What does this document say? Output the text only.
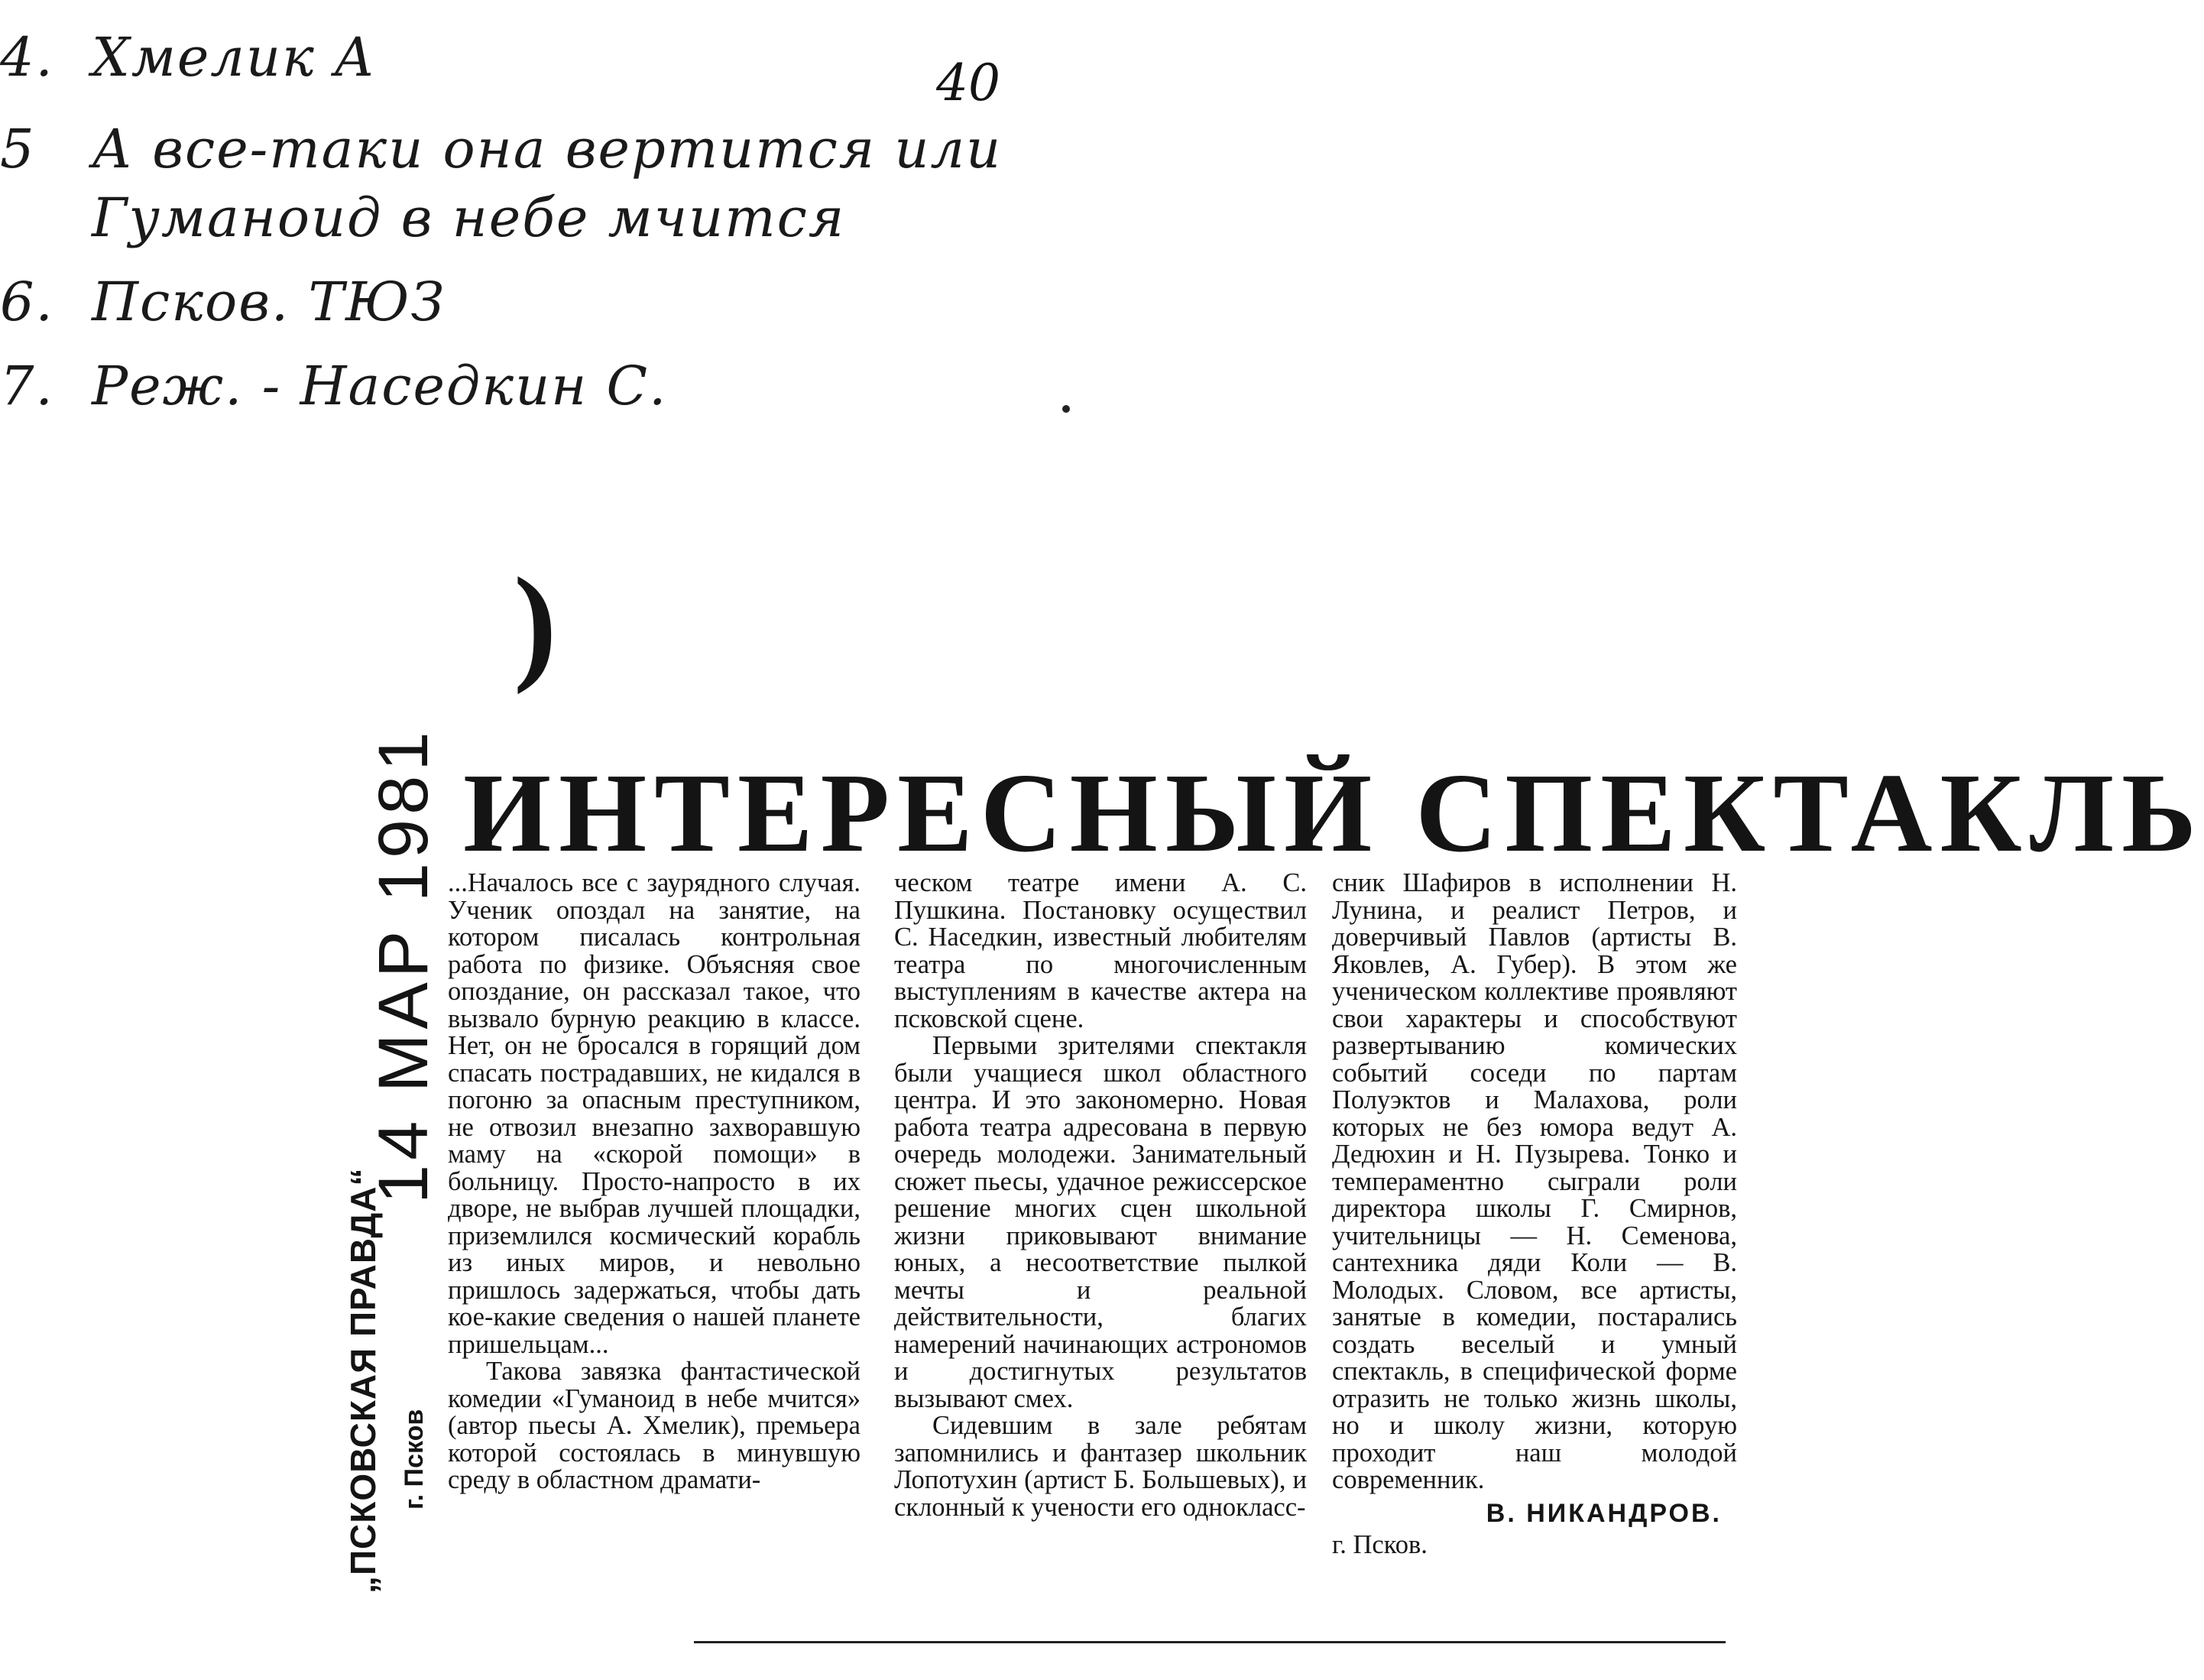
4. Хмелик А	40
5 А все-таки она вертится или
Гуманоид в небе мчится
6. Псков. ТЮЗ
7. Реж. - Наседкин С.
)
ИНТЕРЕСНЫЙ СПЕКТАКЛЬ
„ПСКОВСКАЯ ПРАВДА“ г. Псков
14 МАР 1981 ...Началось все с заурядного случая. Ученик опоздал на занятие, на котором писалась контрольная работа по физике. Объясняя свое опоздание, он рассказал такое, что вызвало бурную реакцию в классе. Нет, он не бросался в горящий дом спасать пострадавших, не кидался в погоню за опасным преступником, не отвозил внезапно захворавшую маму на «скорой помощи» в больницу. Просто-напросто в их дворе, не выбрав лучшей площадки, приземлился космический корабль из иных миров, и невольно пришлось задержаться, чтобы дать кое-какие сведения о нашей планете пришельцам...

Такова завязка фантастической комедии «Гуманоид в небе мчится» (автор пьесы А. Хмелик), премьера которой состоялась в минувшую среду в областном драмати-

ческом театре имени А. С. Пушкина. Постановку осуществил С. Наседкин, известный любителям театра по многочисленным выступлениям в качестве актера на псковской сцене.

Первыми зрителями спектакля были учащиеся школ областного центра. И это закономерно. Новая работа театра адресована в первую очередь молодежи. Занимательный сюжет пьесы, удачное режиссерское решение многих сцен школьной жизни приковывают внимание юных, а несоответствие пылкой мечты и реальной действительности, благих намерений начинающих астрономов и достигнутых результатов вызывают смех.

Сидевшим в зале ребятам запомнились и фантазер школьник Лопотухин (артист Б. Большевых), и склонный к учености его однокласс-

сник Шафиров в исполнении Н. Лунина, и реалист Петров, и доверчивый Павлов (артисты В. Яковлев, А. Губер). В этом же ученическом коллективе проявляют свои характеры и способствуют развертыванию комических событий соседи по партам Полуэктов и Малахова, роли которых не без юмора ведут А. Дедюхин и Н. Пузырева. Тонко и темпераментно сыграли роли директора школы Г. Смирнов, учительницы — Н. Семенова, сантехника дяди Коли — В. Молодых. Словом, все артисты, занятые в комедии, постарались создать веселый и умный спектакль, в специфической форме отразить не только жизнь школы, но и школу жизни, которую проходит наш молодой современник.

В. НИКАНДРОВ.
г. Псков.
